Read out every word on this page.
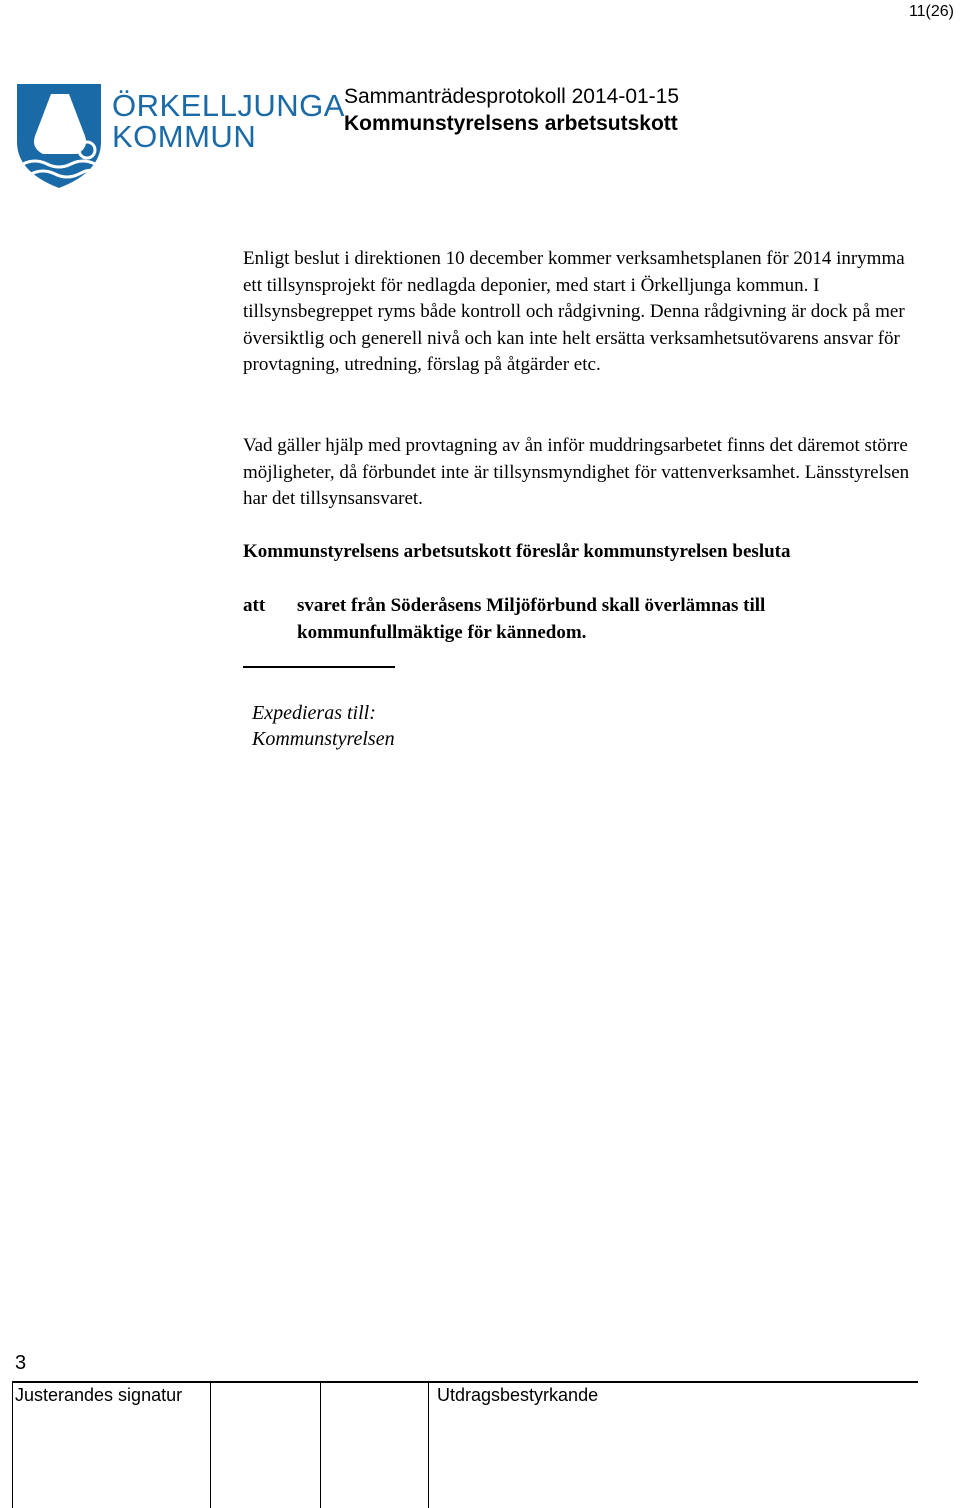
11(26)
ÖRKELLJUNGA
KOMMUN
Sammanträdesprotokoll 2014-01-15
Kommunstyrelsens arbetsutskott

Enligt beslut i direktionen 10 december kommer verksamhetsplanen för 2014 inrymma ett tillsynsprojekt för nedlagda deponier, med start i Örkelljunga kommun. I tillsynsbegreppet ryms både kontroll och rådgivning. Denna rådgivning är dock på mer översiktlig och generell nivå och kan inte helt ersätta verksamhetsutövarens ansvar för provtagning, utredning, förslag på åtgärder etc.

Vad gäller hjälp med provtagning av ån inför muddringsarbetet finns det däremot större möjligheter, då förbundet inte är tillsynsmyndighet för vattenverksamhet. Länsstyrelsen har det tillsynsansvaret.

Kommunstyrelsens arbetsutskott föreslår kommunstyrelsen besluta

att svaret från Söderåsens Miljöförbund skall överlämnas till kommunfullmäktige för kännedom.

Expedieras till:
Kommunstyrelsen
3
Justerandes signatur	Utdragsbestyrkande
